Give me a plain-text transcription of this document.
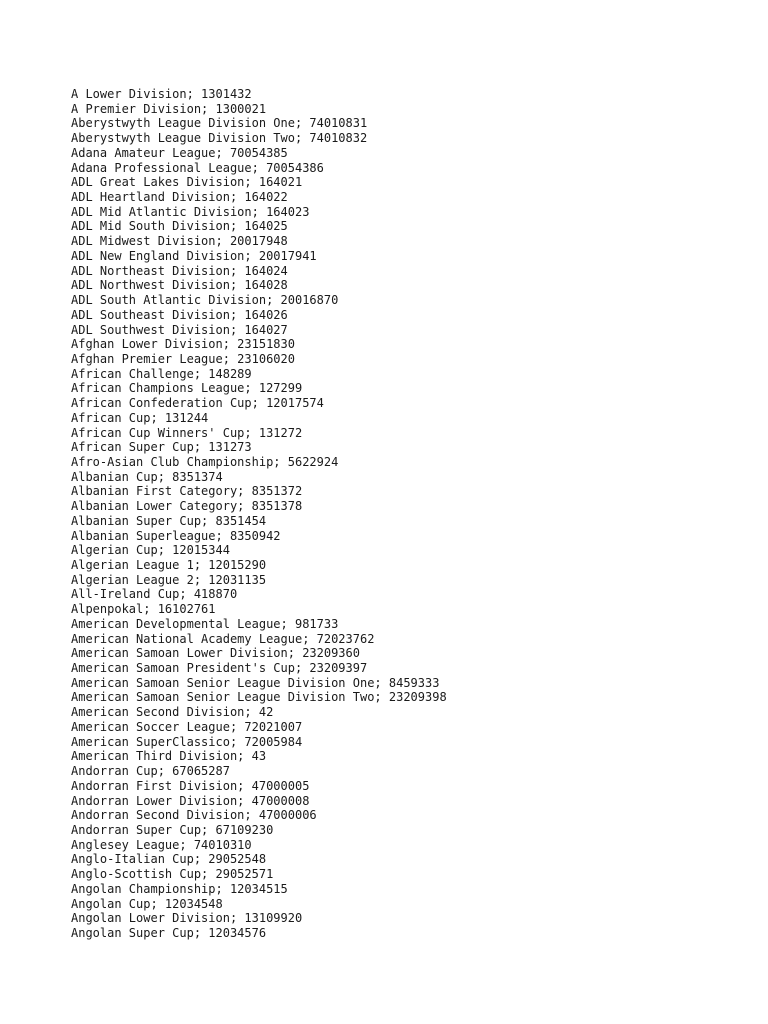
A Lower Division; 1301432
A Premier Division; 1300021
Aberystwyth League Division One; 74010831
Aberystwyth League Division Two; 74010832
Adana Amateur League; 70054385
Adana Professional League; 70054386
ADL Great Lakes Division; 164021
ADL Heartland Division; 164022
ADL Mid Atlantic Division; 164023
ADL Mid South Division; 164025
ADL Midwest Division; 20017948
ADL New England Division; 20017941
ADL Northeast Division; 164024
ADL Northwest Division; 164028
ADL South Atlantic Division; 20016870
ADL Southeast Division; 164026
ADL Southwest Division; 164027
Afghan Lower Division; 23151830
Afghan Premier League; 23106020
African Challenge; 148289
African Champions League; 127299
African Confederation Cup; 12017574
African Cup; 131244
African Cup Winners' Cup; 131272
African Super Cup; 131273
Afro-Asian Club Championship; 5622924
Albanian Cup; 8351374
Albanian First Category; 8351372
Albanian Lower Category; 8351378
Albanian Super Cup; 8351454
Albanian Superleague; 8350942
Algerian Cup; 12015344
Algerian League 1; 12015290
Algerian League 2; 12031135
All-Ireland Cup; 418870
Alpenpokal; 16102761
American Developmental League; 981733
American National Academy League; 72023762
American Samoan Lower Division; 23209360
American Samoan President's Cup; 23209397
American Samoan Senior League Division One; 8459333
American Samoan Senior League Division Two; 23209398
American Second Division; 42
American Soccer League; 72021007
American SuperClassico; 72005984
American Third Division; 43
Andorran Cup; 67065287
Andorran First Division; 47000005
Andorran Lower Division; 47000008
Andorran Second Division; 47000006
Andorran Super Cup; 67109230
Anglesey League; 74010310
Anglo-Italian Cup; 29052548
Anglo-Scottish Cup; 29052571
Angolan Championship; 12034515
Angolan Cup; 12034548
Angolan Lower Division; 13109920
Angolan Super Cup; 12034576
